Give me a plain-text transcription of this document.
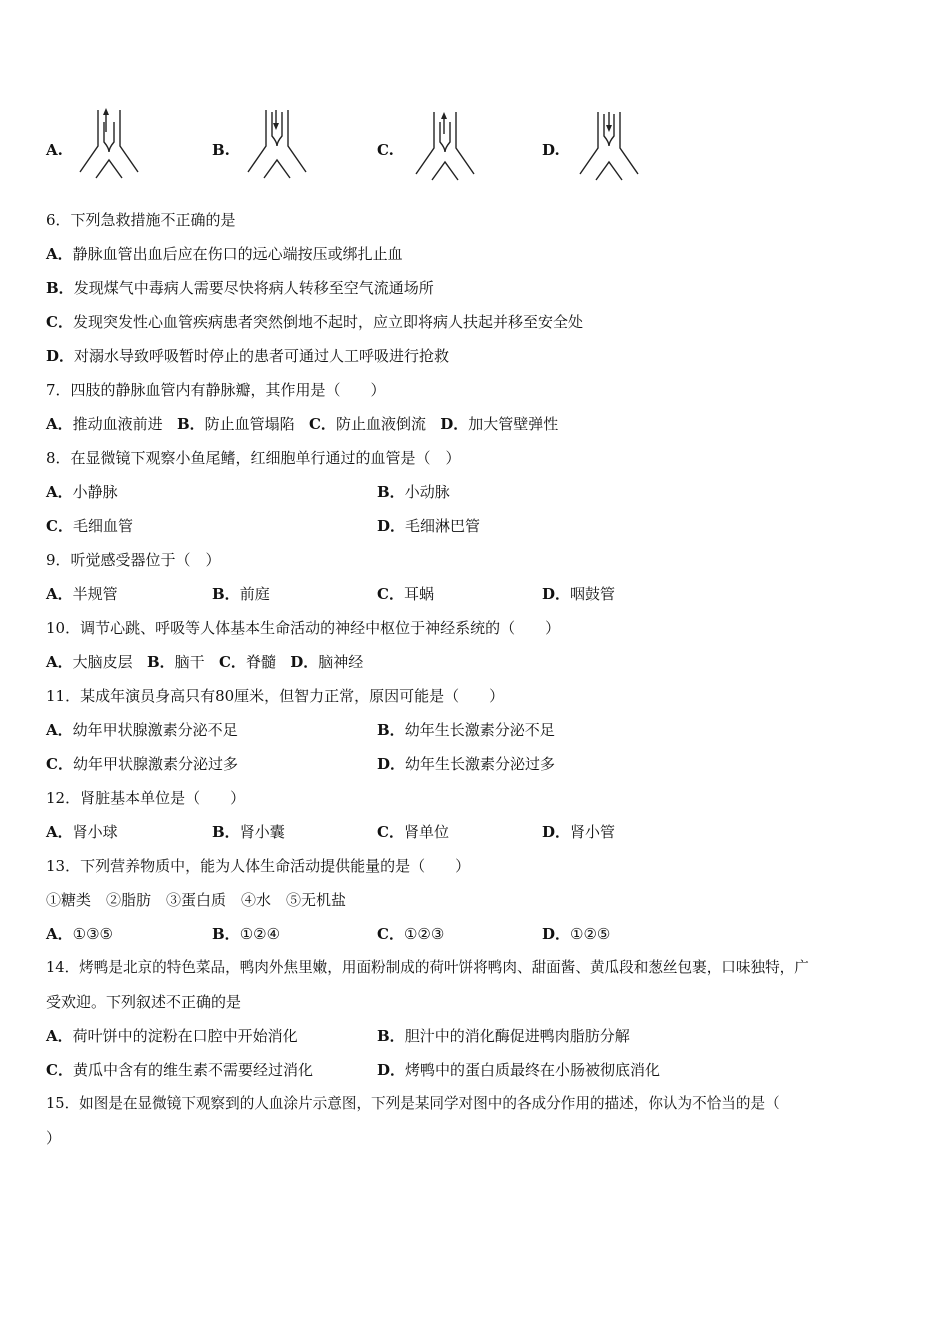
A.	B.	C.	D.
6．下列急救措施不正确的是
A．静脉血管出血后应在伤口的远心端按压或绑扎止血
B．发现煤气中毒病人需要尽快将病人转移至空气流通场所
C．发现突发性心血管疾病患者突然倒地不起时，应立即将病人扶起并移至安全处
D．对溺水导致呼吸暂时停止的患者可通过人工呼吸进行抢救
7．四肢的静脉血管内有静脉瓣，其作用是（　　）
A．推动血液前进 B．防止血管塌陷 C．防止血液倒流 D．加大管壁弹性
8．在显微镜下观察小鱼尾鳍，红细胞单行通过的血管是（　）
A．小静脉	B．小动脉
C．毛细血管	D．毛细淋巴管
9．听觉感受器位于（　）
A．半规管	B．前庭	C．耳蜗	D．咽鼓管
10．调节心跳、呼吸等人体基本生命活动的神经中枢位于神经系统的（　　）
A．大脑皮层 B．脑干 C．脊髓 D．脑神经
11．某成年演员身高只有80厘米，但智力正常，原因可能是（　　）
A．幼年甲状腺激素分泌不足	B．幼年生长激素分泌不足
C．幼年甲状腺激素分泌过多	D．幼年生长激素分泌过多
12．肾脏基本单位是（　　）
A．肾小球	B．肾小囊	C．肾单位	D．肾小管
13．下列营养物质中，能为人体生命活动提供能量的是（　　）
①糖类　②脂肪　③蛋白质　④水　⑤无机盐
A．①③⑤	B．①②④	C．①②③	D．①②⑤
14．烤鸭是北京的特色菜品，鸭肉外焦里嫩，用面粉制成的荷叶饼将鸭肉、甜面酱、黄瓜段和葱丝包裹，口味独特，广
受欢迎。下列叙述不正确的是
A．荷叶饼中的淀粉在口腔中开始消化	B．胆汁中的消化酶促进鸭肉脂肪分解
C．黄瓜中含有的维生素不需要经过消化	D．烤鸭中的蛋白质最终在小肠被彻底消化
15．如图是在显微镜下观察到的人血涂片示意图，下列是某同学对图中的各成分作用的描述，你认为不恰当的是（
）
